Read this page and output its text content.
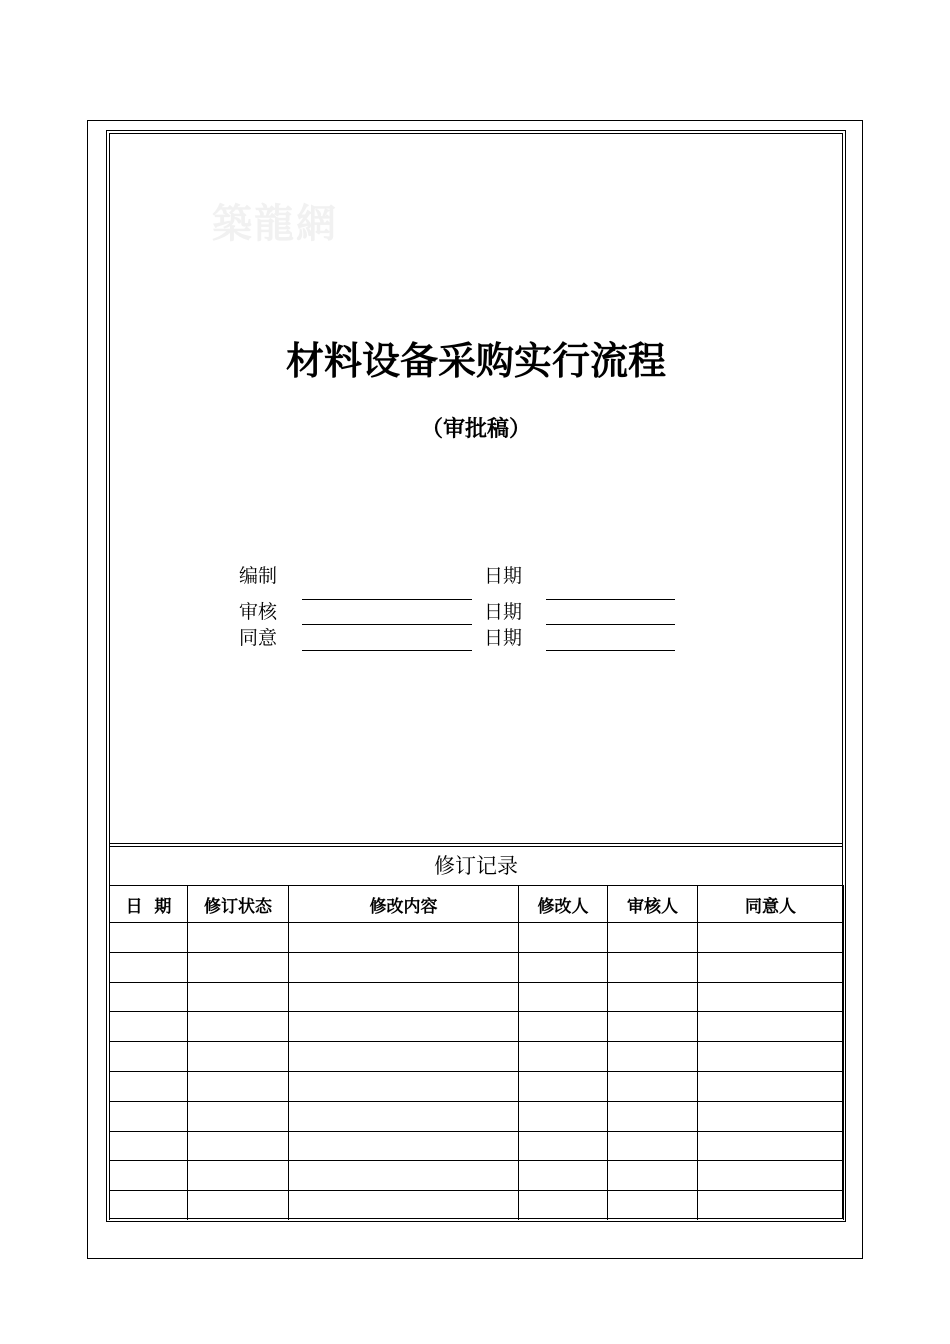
築龍網
材料设备采购实行流程
（审批稿）
编制	日期
审核	日期
同意	日期
修订记录
日  期	修订状态	修改内容	修改人	审核人	同意人
